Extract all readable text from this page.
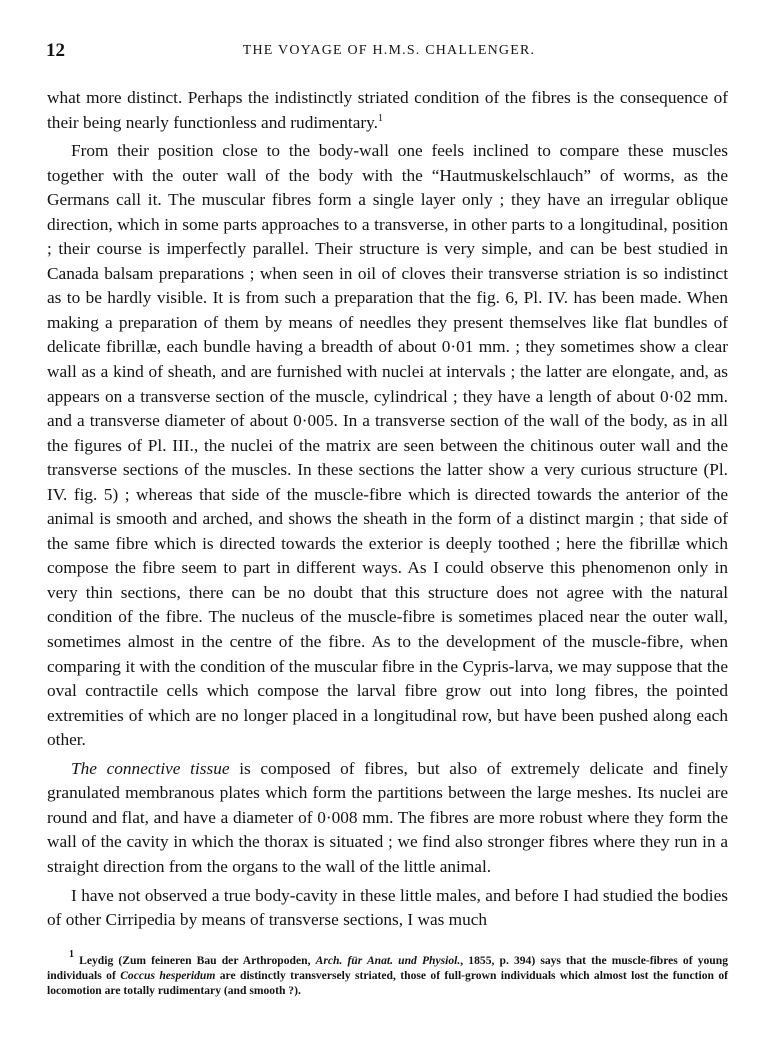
12	THE VOYAGE OF H.M.S. CHALLENGER.

what more distinct. Perhaps the indistinctly striated condition of the fibres is the consequence of their being nearly functionless and rudimentary.$^1$

From their position close to the body-wall one feels inclined to compare these muscles together with the outer wall of the body with the “Hautmuskelschlauch” of worms, as the Germans call it. The muscular fibres form a single layer only ; they have an irregular oblique direction, which in some parts approaches to a transverse, in other parts to a longitudinal, position ; their course is imperfectly parallel. Their structure is very simple, and can be best studied in Canada balsam preparations ; when seen in oil of cloves their transverse striation is so indistinct as to be hardly visible. It is from such a preparation that the fig. 6, Pl. IV. has been made. When making a preparation of them by means of needles they present themselves like flat bundles of delicate fibrillæ, each bundle having a breadth of about 0·01 mm. ; they sometimes show a clear wall as a kind of sheath, and are furnished with nuclei at intervals ; the latter are elongate, and, as appears on a transverse section of the muscle, cylindrical ; they have a length of about 0·02 mm. and a transverse diameter of about 0·005. In a transverse section of the wall of the body, as in all the figures of Pl. III., the nuclei of the matrix are seen between the chitinous outer wall and the transverse sections of the muscles. In these sections the latter show a very curious structure (Pl. IV. fig. 5) ; whereas that side of the muscle-fibre which is directed towards the anterior of the animal is smooth and arched, and shows the sheath in the form of a distinct margin ; that side of the same fibre which is directed towards the exterior is deeply toothed ; here the fibrillæ which compose the fibre seem to part in different ways. As I could observe this phenomenon only in very thin sections, there can be no doubt that this structure does not agree with the natural condition of the fibre. The nucleus of the muscle-fibre is sometimes placed near the outer wall, sometimes almost in the centre of the fibre. As to the development of the muscle-fibre, when comparing it with the condition of the muscular fibre in the Cypris-larva, we may suppose that the oval contractile cells which compose the larval fibre grow out into long fibres, the pointed extremities of which are no longer placed in a longitudinal row, but have been pushed along each other.

The connective tissue is composed of fibres, but also of extremely delicate and finely granulated membranous plates which form the partitions between the large meshes. Its nuclei are round and flat, and have a diameter of 0·008 mm. The fibres are more robust where they form the wall of the cavity in which the thorax is situated ; we find also stronger fibres where they run in a straight direction from the organs to the wall of the little animal.

I have not observed a true body-cavity in these little males, and before I had studied the bodies of other Cirripedia by means of transverse sections, I was much

$^1$ Leydig (Zum feineren Bau der Arthropoden, Arch. für Anat. und Physiol., 1855, p. 394) says that the muscle-fibres of young individuals of Coccus hesperidum are distinctly transversely striated, those of full-grown individuals which almost lost the function of locomotion are totally rudimentary (and smooth ?).
